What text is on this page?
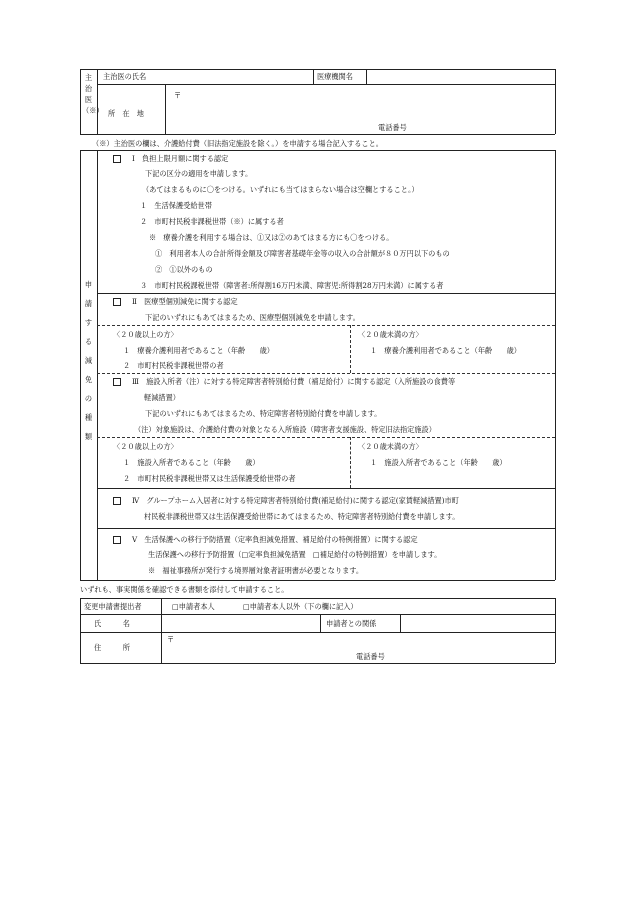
主治医（※）
主治医の氏名	医療機関名
所　在　地
〒
電話番号
（※）主治医の欄は、介護給付費（旧法指定施設を除く。）を申請する場合記入すること。
申請する減免の種類
Ⅰ　負担上限月額に関する認定
下記の区分の適用を申請します。
（あてはまるものに〇をつける。いずれにも当てはまらない場合は空欄とすること。）
１　生活保護受給世帯
２　市町村民税非課税世帯（※）に属する者
※　療養介護を利用する場合は、①又は②のあてはまる方にも〇をつける。
①　利用者本人の合計所得金額及び障害者基礎年金等の収入の合計額が８０万円以下のもの
②　①以外のもの
３　市町村民税課税世帯（障害者:所得割16万円未満、障害児:所得割28万円未満）に属する者
Ⅱ　医療型個別減免に関する認定
下記のいずれにもあてはまるため、医療型個別減免を申請します。
〈２０歳以上の方〉
１　療養介護利用者であること（年齢　　歳）
２　市町村民税非課税世帯の者
〈２０歳未満の方〉
１　療養介護利用者であること（年齢　　歳）
Ⅲ　施設入所者（注）に対する特定障害者特別給付費（補足給付）に関する認定（入所施設の食費等
軽減措置）
下記のいずれにもあてはまるため、特定障害者特別給付費を申請します。
（注）対象施設は、介護給付費の対象となる入所施設（障害者支援施設、特定旧法指定施設）
〈２０歳以上の方〉
１　施設入所者であること（年齢　　歳）
２　市町村民税非課税世帯又は生活保護受給世帯の者
〈２０歳未満の方〉
１　施設入所者であること（年齢　　歳）
Ⅳ　グループホーム入居者に対する特定障害者特別給付費(補足給付)に関する認定(家賃軽減措置)市町
村民税非課税世帯又は生活保護受給世帯にあてはまるため、特定障害者特別給付費を申請します。
Ⅴ　生活保護への移行予防措置（定率負担減免措置、補足給付の特例措置）に関する認定
生活保護への移行予防措置（□定率負担減免措置　□補足給付の特例措置）を申請します。
※　福祉事務所が発行する境界層対象者証明書が必要となります。
いずれも、事実関係を確認できる書類を添付して申請すること。
変更申請書提出者	□申請者本人	□申請者本人以外（下の欄に記入）
氏　　　名	申請者との関係
住　　　所
〒
電話番号
